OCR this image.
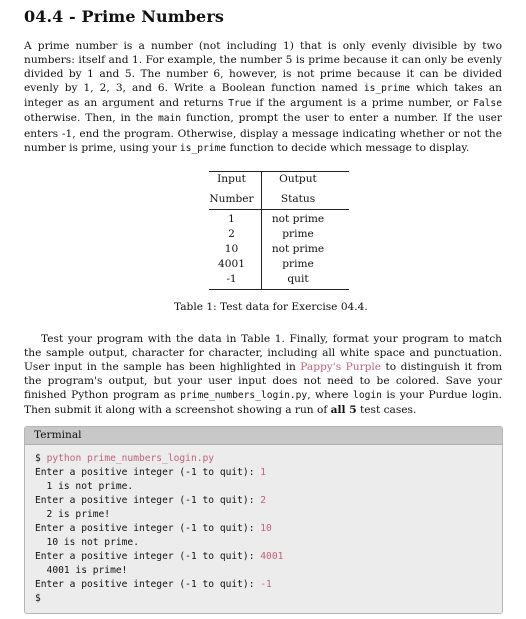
04.4 - Prime Numbers

A prime number is a number (not including 1) that is only evenly divisible by two numbers: itself and 1. For example, the number 5 is prime because it can only be evenly divided by 1 and 5. The number 6, however, is not prime because it can be divided evenly by 1, 2, 3, and 6. Write a Boolean function named is_prime which takes an integer as an argument and returns True if the argument is a prime number, or False otherwise. Then, in the main function, prompt the user to enter a number. If the user enters -1, end the program. Otherwise, display a message indicating whether or not the number is prime, using your is_prime function to decide which message to display.

Input	Output
Number	Status
1	not prime
2	prime
10	not prime
4001	prime
-1	quit
Table 1: Test data for Exercise 04.4.

Test your program with the data in Table 1. Finally, format your program to match the sample output, character for character, including all white space and punctuation. User input in the sample has been highlighted in Pappy's Purple to distinguish it from the program's output, but your user input does not need to be colored. Save your finished Python program as prime_numbers_login.py, where login is your Purdue login. Then submit it along with a screenshot showing a run of all 5 test cases.

Terminal
$ python prime_numbers_login.py
Enter a positive integer (-1 to quit): 1
1 is not prime.
Enter a positive integer (-1 to quit): 2
2 is prime!
Enter a positive integer (-1 to quit): 10
10 is not prime.
Enter a positive integer (-1 to quit): 4001
4001 is prime!
Enter a positive integer (-1 to quit): -1
$
